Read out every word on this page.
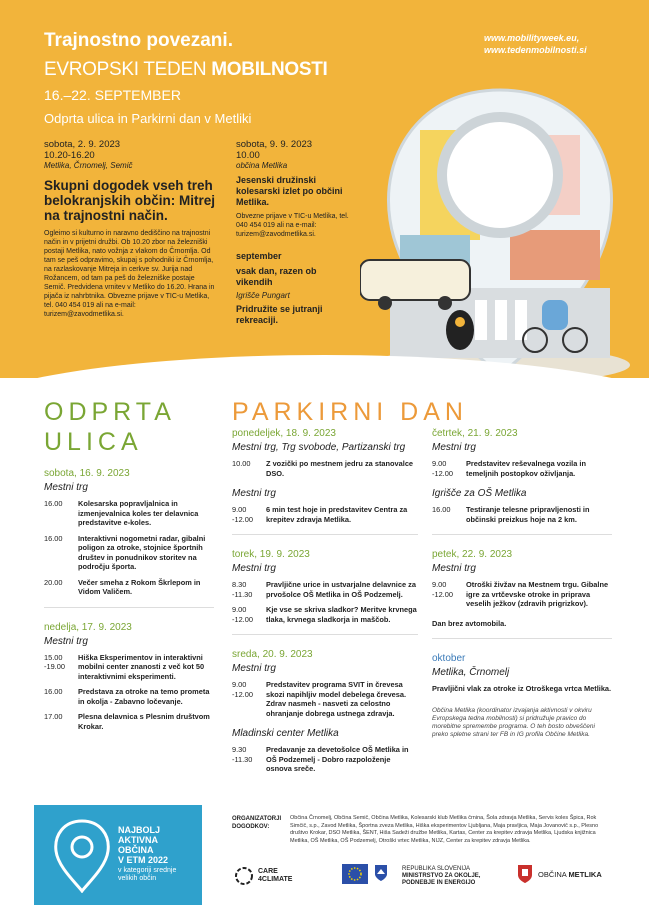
Trajnostno povezani.
EVROPSKI TEDEN MOBILNOSTI
16.–22. SEPTEMBER
Odprta ulica in Parkirni dan v Metliki
www.mobilityweek.eu,
www.tedenmobilnosti.si
sobota, 2. 9. 2023
10.20-16.20
Metlika, Črnomelj, Semič
Skupni dogodek vseh treh belokranjskih občin: Mitrej na trajnostni način.
Ogleimo si kulturno in naravno dediščino na trajnostni način in v prijetni družbi. Ob 10.20 zbor na železniški postaji Metlika, nato vožnja z vlakom do Črnomlja. Od tam se peš odpravimo, skupaj s pohodniki iz Črnomlja, na razlaskovanje Mitreja in cerkve sv. Jurija nad Rožancem, od tam pa peš do železniške postaje Semič. Predvidena vrnitev v Metliko do 16.20. Hrana in pijača iz nahrbtnika. Obvezne prijave v TIC-u Metlika, tel. 040 454 019 ali na e-mail: turizem@zavodmetlika.si.
sobota, 9. 9. 2023
10.00
občina Metlika
Jesenski družinski kolesarski izlet po občini Metlika.
Obvezne prijave v TIC-u Metlika, tel. 040 454 019 ali na e-mail: turizem@zavodmetlika.si.
september
vsak dan, razen ob vikendih
Igrišče Pungart
Pridružite se jutranji rekreaciji.
ODPRTA
ULICA
sobota, 16. 9. 2023
Mestni trg
16.00	Kolesarska popravljalnica in izmenjevalnica koles ter delavnica predstavitve e-koles.
16.00	Interaktivni nogometni radar, gibalni poligon za otroke, stojnice športnih društev in ponudnikov storitev na področju športa.
20.00	Večer smeha z Rokom Škrlepom in Vidom Valičem.
nedelja, 17. 9. 2023
Mestni trg
15.00 -19.00
Hiška Eksperimentov in interaktivni mobilni center znanosti z več kot 50 interaktivnimi eksperimenti.
16.00	Predstava za otroke na temo prometa in okolja - Zabavno ločevanje.
17.00	Plesna delavnica s Plesnim društvom Krokar.
PARKIRNI DAN
ponedeljek, 18. 9. 2023
Mestni trg, Trg svobode, Partizanski trg
10.00	Z vozički po mestnem jedru za stanovalce DSO.
Mestni trg
9.00 -12.00
6 min test hoje in predstavitev Centra za krepitev zdravja Metlika.
torek, 19. 9. 2023
Mestni trg
8.30 -11.30
Pravljične urice in ustvarjalne delavnice za prvošolce OŠ Metlika in OŠ Podzemelj.
9.00 -12.00
Kje vse se skriva sladkor? Meritve krvnega tlaka, krvnega sladkorja in maščob.
sreda, 20. 9. 2023
Mestni trg
9.00 -12.00
Predstavitev programa SVIT in črevesa skozi napihljiv model debelega črevesa. Zdrav nasmeh - nasveti za celostno ohranjanje dobrega ustnega zdravja.
Mladinski center Metlika
9.30 -11.30
Predavanje za devetošolce OŠ Metlika in OŠ Podzemelj - Dobro razpoloženje osnova sreče.
četrtek, 21. 9. 2023
Mestni trg
9.00 -12.00
Predstavitev reševalnega vozila in temeljnih postopkov oživljanja.
Igrišče za OŠ Metlika
16.00	Testiranje telesne pripravljenosti in občinski preizkus hoje na 2 km.
petek, 22. 9. 2023
Mestni trg
9.00 -12.00
Otroški živžav na Mestnem trgu. Gibalne igre za vrtčevske otroke in priprava veselih ježkov (zdravih prigrizkov).
Dan brez avtomobila.
oktober
Metlika, Črnomelj
Pravljični vlak za otroke iz Otroškega vrtca Metlika.
Občina Metlika (koordinator izvajanja aktivnosti v okviru Evropskega tedna mobilnosti) si pridružuje pravico do morebitne spremembe programa. O teh bosto obveščeni preko spletne strani ter FB in IG profila Občine Metlika.
NAJBOLJ
AKTIVNA
OBČINA
V ETM 2022
v kategoriji srednje
velikih občin
ORGANIZATORJI
DOGODKOV:
Občina Črnomelj, Občina Semič, Občina Metlika, Kolesarski klub Metlika črnina, Šola zdravja Metlika, Servis koles Špica, Rok Simčič, s.p., Zavod Metlika, Športna zveza Metlika, Hiška eksperimentov Ljubljana, Maja pravljica, Maja Jovanovič s.p., Plesno društvo Krokar, DSO Metlika, ŠENT, Hiša Sadeži družbe Metlika, Kartas, Center za krepitev zdravja Metlika, Ljudska knjižnica Metlika, OŠ Metlika, OŠ Podzemelj, Otroški vrtec Metlika, NIJZ, Center za krepitev zdravja Metlika.
CARE
4CLIMATE
REPUBLIKA SLOVENIJA
MINISTRSTVO ZA OKOLJE,
PODNEBJE IN ENERGIJO
OBČINA METLIKA
